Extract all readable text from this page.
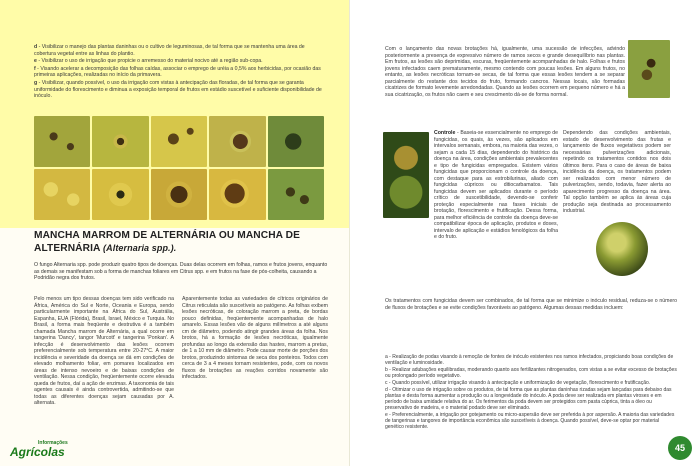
d - Visibilizar o manejo das plantas daninhas ou o cultivo de leguminosas, de tal forma que se mantenha uma área de cobertura vegetal entre as linhas do plantio.

e - Visibilizar o uso de irrigação que propicie o arremesso do material nocivo até a região sub-copa.

f - Visando acelerar a decomposição das folhas caídas, associar o emprego de uréia a 0,5% aos herbicidas, por ocasião das primeiras aplicações, realizadas no início da primavera.

g - Visibilizar, quando possível, o uso da irrigação com vistas à antecipação das floradas, de tal forma que se garanta uniformidade do florescimento e diminua a exposição temporal de frutos em estádio suscetível e suficiente disponibilidade de inóculo.

MANCHA MARROM DE ALTERNÁRIA OU MANCHA DE ALTERNÁRIA (Alternaria spp.).

O fungo Alternaria spp. pode produzir quatro tipos de doenças. Duas delas ocorrem em folhas, ramos e frutos jovens, enquanto as demais se manifestam sob a forma de manchas foliares em Citrus spp. e em frutos na fase de pós-colheita, causando a Podridão negra dos frutos.

Pelo menos um tipo dessas doenças tem sido verificado na África, América do Sul e Norte, Oceania e Europa, sendo particularmente importante na África do Sul, Austrália, Espanha, EUA (Flórida), Brasil, Israel, México e Turquia. No Brasil, a forma mais freqüente e destrutiva é a também chamada Mancha marrom de Alternária, a qual ocorre em tangerina 'Dancy', tangor 'Murcott' e tangerina 'Ponkan'. A infecção é desenvolvimento das lesões ocorrem preferencialmente sob temperatura entre 20-27°C. A maior incidência e severidade da doença se dá em condições de elevado molhamento foliar, em pomares localizados em áreas de intenso nevoeiro e de baixas condições de ventilação. Nessa condição, freqüentemente ocorre elevada queda de frutos, daí a ação de enzimas. A taxonomia de tais agentes causais é ainda controvertida, admitindo-se que todas as diferentes doenças sejam causadas por A. alternata.

Aparentemente todas as variedades de cítricos originários de Citrus reticulata são suscetíveis ao patógeno. As folhas exibem lesões necróticas, de coloração marrom a preta, de bordas pouco definidas, freqüentemente acompanhadas de halo amarelo. Essas lesões vão de alguns milímetros a até alguns cm de diâmetro, podendo atingir grandes áreas da folha. Nos brotos, há a formação de lesões necróticas, igualmente profundas ao longo da extensão das hastes, marrom a pretas, de 1 a 10 mm de diâmetro. Pode causar morte de porções dos brotos, produzindo sintomas de seca dos ponteiros. Todos com cerca de 3 a 4 meses tornam resistentes, pode, com os novos fluxos de brotações as reações corridos novamente são infectados.

Informações
Agrícolas

Com o lançamento das novas brotações há, igualmente, uma sucessão de infecções, advindo posteriormente a presença de expressivo número de ramos secos e grande desequilíbrio nas plantas. Em frutos, as lesões são deprimidas, escuras, freqüentemente acompanhadas de halo. Folhas e frutos jovens infectados caem prematuramente, mesmo contendo com poucas lesões. Em alguns frutos, no entanto, as lesões necróticas tornam-se secas, de tal forma que essas lesões tendem a se separar parcialmente do restante dos tecidos do fruto, formando cancros. Nessas locais, são formadas cicatrizes de formato levemente arredondadas. Quando as lesões ocorrem em pequeno número e há a sua cicatrização, os frutos não caem e seu crescimento dá-se de forma normal.

Controle - Baseia-se essencialmente no emprego de fungicidas, os quais, às vezes, são aplicados em intervalos semanais, embora, na maioria das vezes, o sejam a cada 15 dias, dependendo do histórico da doença na área, condições ambientais prevalecentes e tipo de fungicidas empregados. Existem vários fungicidas que proporcionam o controle da doença, com destaque para as estrobilurinas, aliado com fungicidas cúpricos ou ditiocarbamatos. Tais fungicidas devem ser aplicados durante o período crítico de suscetibilidade, devendo-se conferir proteção especialmente nas fases iniciais de brotação, florescimento e frutificação. Dessa forma, para melhor eficiência de controle da doença deve-se compatibilizar época de aplicação, produtos e doses, intervalo de aplicação e estádios fenológicos da folha e do fruto.

Dependendo das condições ambientais, estado de desenvolvimento das frutas e lançamento de fluxos vegetativos podem ser necessárias pulverizações adicionais, repetindo os tratamentos contidos nos dois últimos itens. Para o caso de áreas de baixa incidência da doença, os tratamentos podem ser realizados com menor número de pulverizações, sendo, todavia, fazer alerta ao aparecimento progresso da doença na área. Tal opção também se aplica às áreas cuja produção seja destinada ao processamento industrial.

Os tratamentos com fungicidas devem ser combinados, de tal forma que se minimize o inóculo residual, reduza-se o número de fluxos de brotações e se evite condições favoráveis ao patógeno. Algumas dessas medidas incluem:

a - Realização de podas visando à remoção de fontes de inóculo existentes nos ramos infectados, propiciando boas condições de ventilação e luminosidade.

b - Realizar adubações equilibradas, moderando quanto aos fertilizantes nitrogenados, com vistas a se evitar excesso de brotações ou prolongado período vegetativo.

c - Quando possível, utilizar irrigação visando à antecipação e uniformização de vegetação, florescimento e frutificação.

d - Otimizar o uso de irrigação sobre os produtos, de tal forma que as plantas daninhas rizadas sejam lançadas para debaixo das plantas e desta forma aumentar a produção ou a longevidade do inóculo. A poda deve ser realizada em plantas viroses e em período de baixa umidade relativa do ar. Os ferimentos da poda devem ser protegidos com pasta cúprica, tinta a óleo ou preservativo de madeira, e o material podado deve ser eliminado.

e - Preferencialmente, a irrigação por gotejamento ou micro-aspersão deve ser preferida à por aspersão. A maioria das variedades de tangerinas e tangores de importância econômica são suscetíveis à doença. Quando possível, deve-se optar por material genético resistente.

45
